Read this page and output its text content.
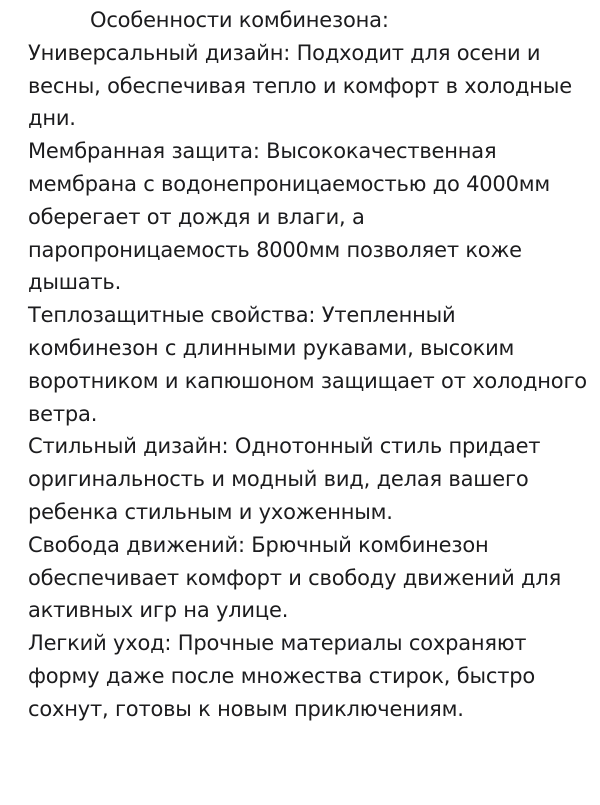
Особенности комбинезона:

Универсальный дизайн: Подходит для осени и весны, обеспечивая тепло и комфорт в холодные дни.

Мембранная защита: Высококачественная мембрана с водонепроницаемостью до 4000мм оберегает от дождя и влаги, а паропроницаемость 8000мм позволяет коже дышать.

Теплозащитные свойства: Утепленный комбинезон с длинными рукавами, высоким воротником и капюшоном защищает от холодного ветра.

Стильный дизайн: Однотонный стиль придает оригинальность и модный вид, делая вашего ребенка стильным и ухоженным.

Свобода движений: Брючный комбинезон обеспечивает комфорт и свободу движений для активных игр на улице.

Легкий уход: Прочные материалы сохраняют форму даже после множества стирок, быстро сохнут, готовы к новым приключениям.
